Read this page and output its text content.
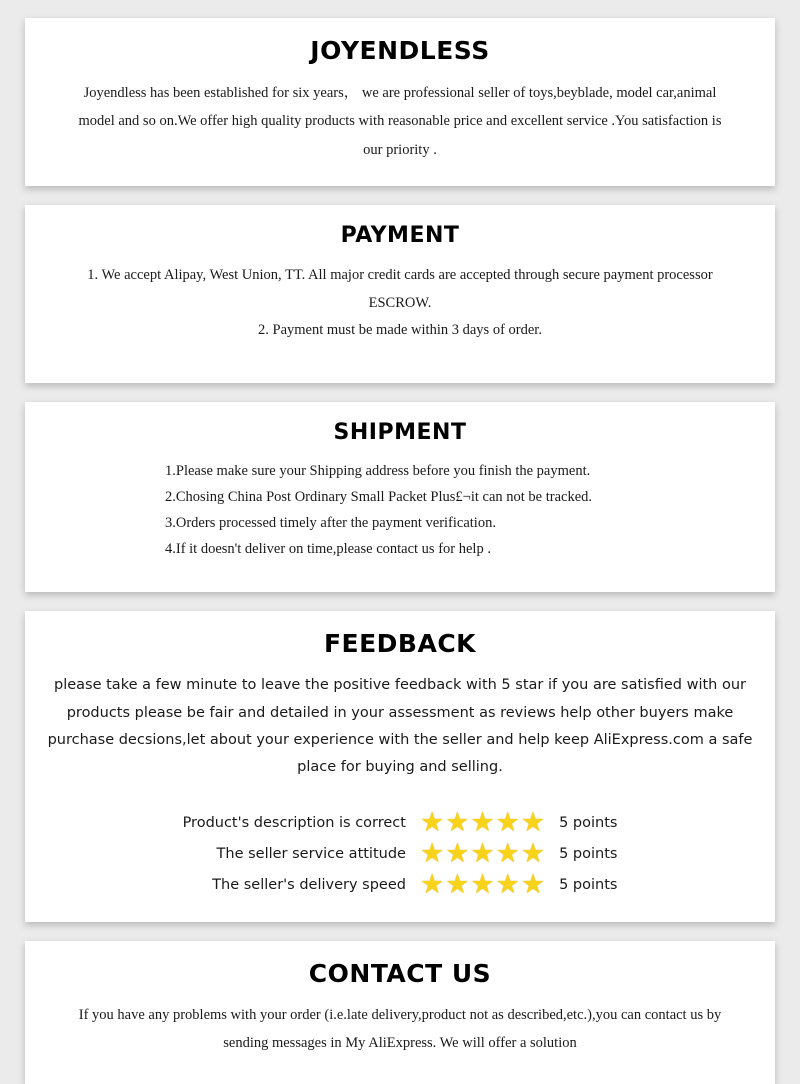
JOYENDLESS
Joyendless has been established for six years， we are professional seller of toys,beyblade, model car,animal model and so on.We offer high quality products with reasonable price and excellent service .You satisfaction is our priority .
PAYMENT
1. We accept Alipay, West Union, TT. All major credit cards are accepted through secure payment processor ESCROW.
2. Payment must be made within 3 days of order.
SHIPMENT
1.Please make sure your Shipping address before you finish the payment.
2.Chosing China Post Ordinary Small Packet Plus£¬it can not be tracked.
3.Orders processed timely after the payment verification.
4.If it doesn't deliver on time,please contact us for help .
FEEDBACK
please take a few minute to leave the positive feedback with 5 star if you are satisfied with our products please be fair and detailed in your assessment as reviews help other buyers make purchase decsions,let about your experience with the seller and help keep AliExpress.com a safe place for buying and selling.
Product's description is correct	★★★★★	5 points
The seller service attitude	★★★★★	5 points
The seller's delivery speed	★★★★★	5 points
CONTACT US
If you have any problems with your order (i.e.late delivery,product not as described,etc.),you can contact us by sending messages in My AliExpress. We will offer a solution
